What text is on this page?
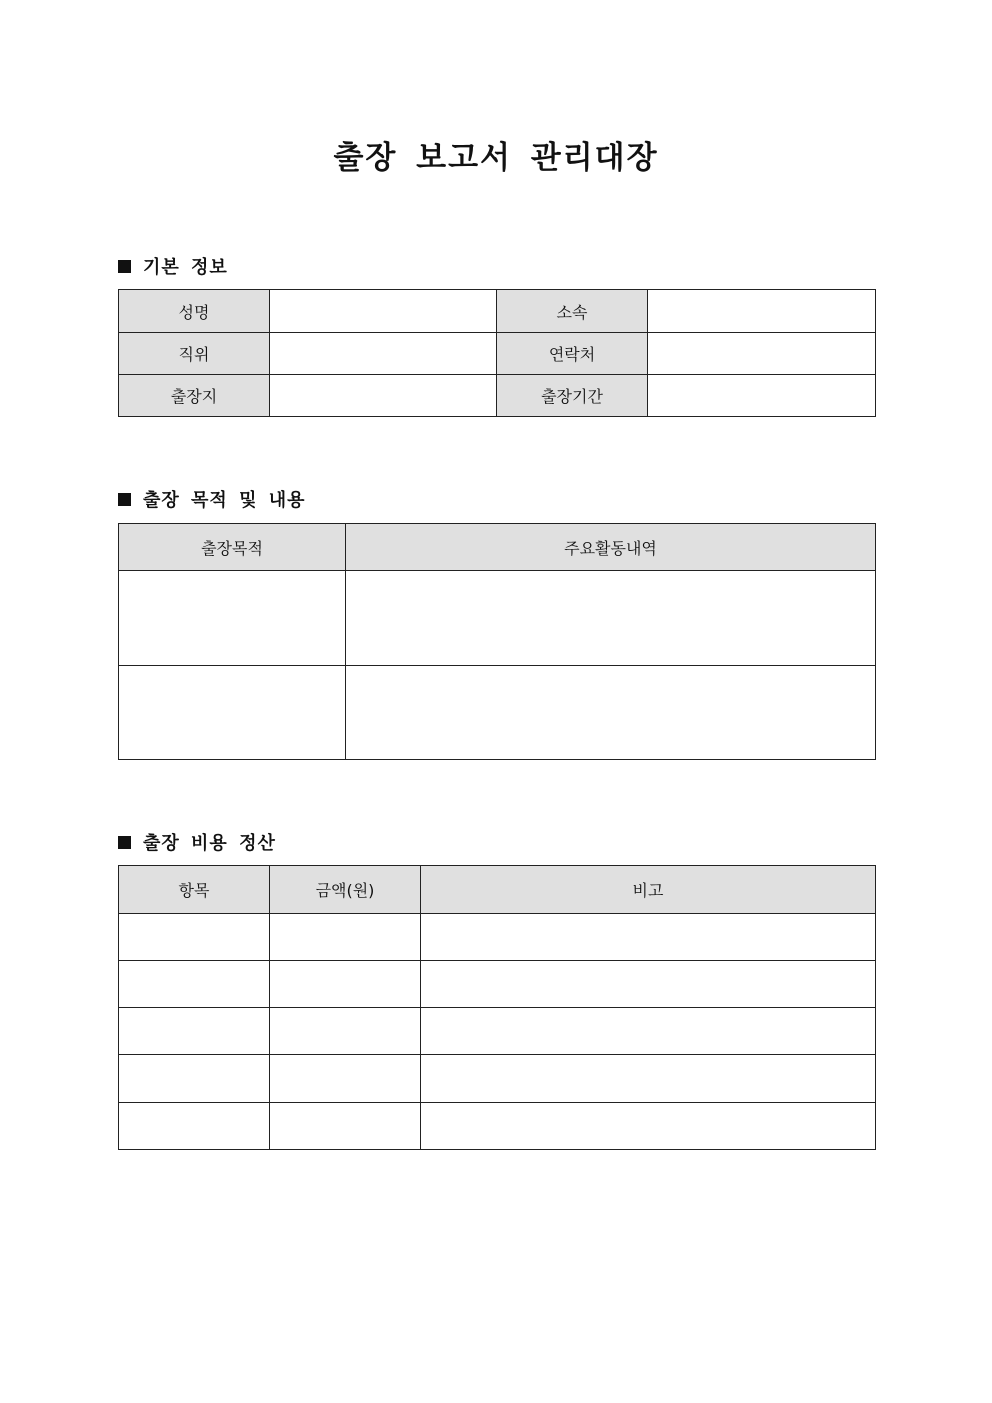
출장 보고서 관리대장
기본 정보
성명		소속	
직위		연락처	
출장지		출장기간	
출장 목적 및 내용
출장목적	주요활동내역

출장 비용 정산
항목	금액(원)	비고
